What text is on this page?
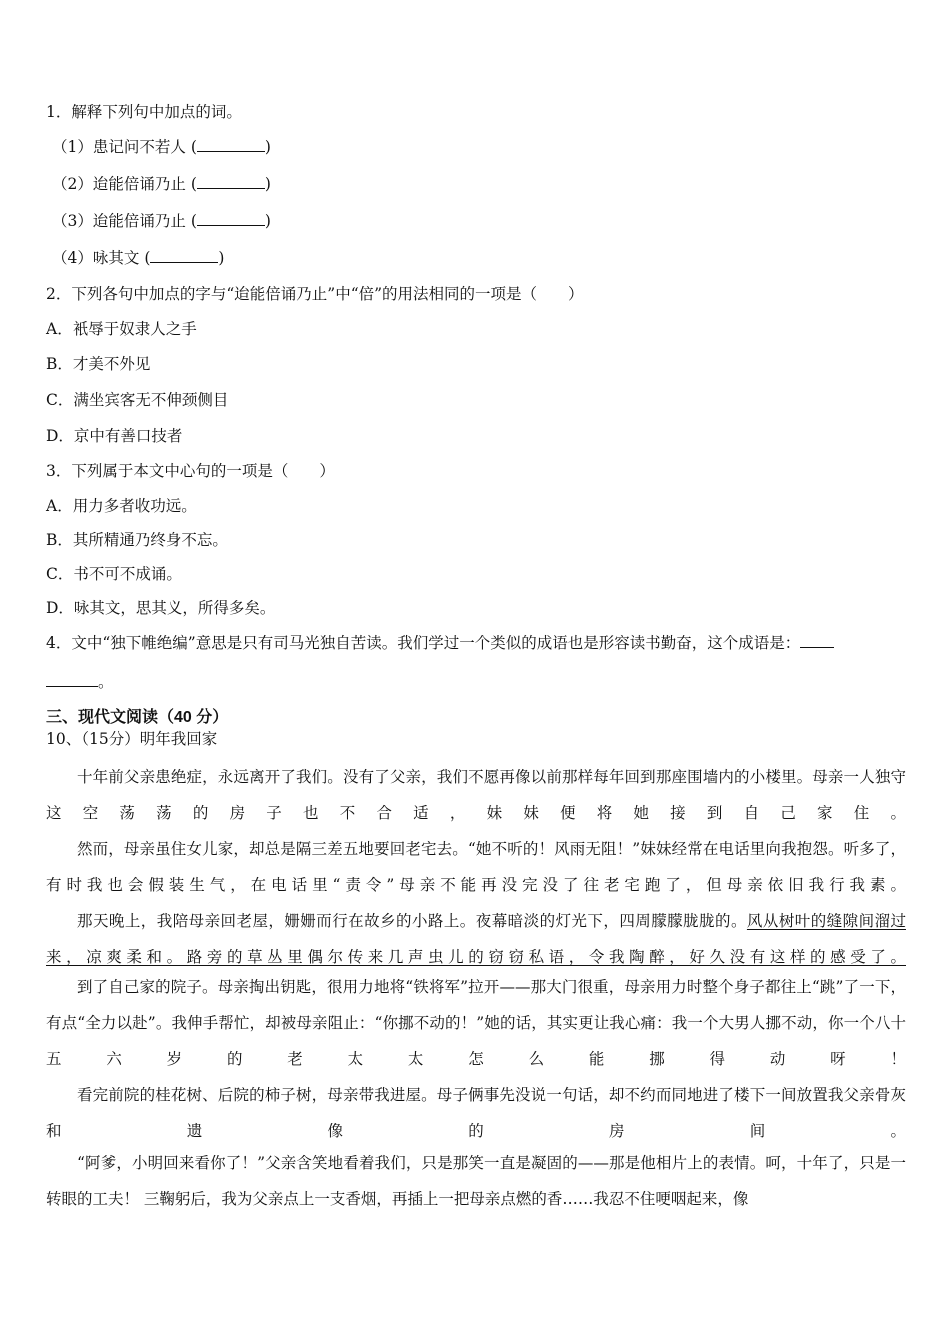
1．解释下列句中加点的词。
（1）患记问不若人 (	)
（2）迨能倍诵乃止 (	)
（3）迨能倍诵乃止 (	)
（4）咏其文 (	)
2．下列各句中加点的字与“迨能倍诵乃止”中“倍”的用法相同的一项是（　　）
A．衹辱于奴隶人之手
B．才美不外见
C．满坐宾客无不伸颈侧目
D．京中有善口技者
3．下列属于本文中心句的一项是（　　）
A．用力多者收功远。
B．其所精通乃终身不忘。
C．书不可不成诵。
D．咏其文，思其义，所得多矣。
4．文中“独下帷绝编”意思是只有司马光独自苦读。我们学过一个类似的成语也是形容读书勤奋，这个成语是：
。
三、现代文阅读（40 分）
10、（15分）明年我回家
十年前父亲患绝症，永远离开了我们。没有了父亲，我们不愿再像以前那样每年回到那座围墙内的小楼里。母亲一人独守这空荡荡的房子也不合适，妹妹便将她接到自己家住。
然而，母亲虽住女儿家，却总是隔三差五地要回老宅去。“她不听的！风雨无阻！”妹妹经常在电话里向我抱怨。听多了，有时我也会假装生气，在电话里“责令”母亲不能再没完没了往老宅跑了，但母亲依旧我行我素。
那天晚上，我陪母亲回老屋，姗姗而行在故乡的小路上。夜幕暗淡的灯光下，四周朦朦胧胧的。风从树叶的缝隙间溜过来，凉爽柔和。路旁的草丛里偶尔传来几声虫儿的窃窃私语，令我陶醉，好久没有这样的感受了。
到了自己家的院子。母亲掏出钥匙，很用力地将“铁将军”拉开——那大门很重，母亲用力时整个身子都往上“跳”了一下，有点“全力以赴”。我伸手帮忙，却被母亲阻止：“你挪不动的！”她的话，其实更让我心痛：我一个大男人挪不动，你一个八十五六岁的老太太怎么能挪得动呀！
看完前院的桂花树、后院的柿子树，母亲带我进屋。母子俩事先没说一句话，却不约而同地进了楼下一间放置我父亲骨灰和遗像的房间。
“阿爹，小明回来看你了！”父亲含笑地看着我们，只是那笑一直是凝固的——那是他相片上的表情。呵，十年了，只是一转眼的工夫！ 三鞠躬后，我为父亲点上一支香烟，再插上一把母亲点燃的香……我忍不住哽咽起来，像
